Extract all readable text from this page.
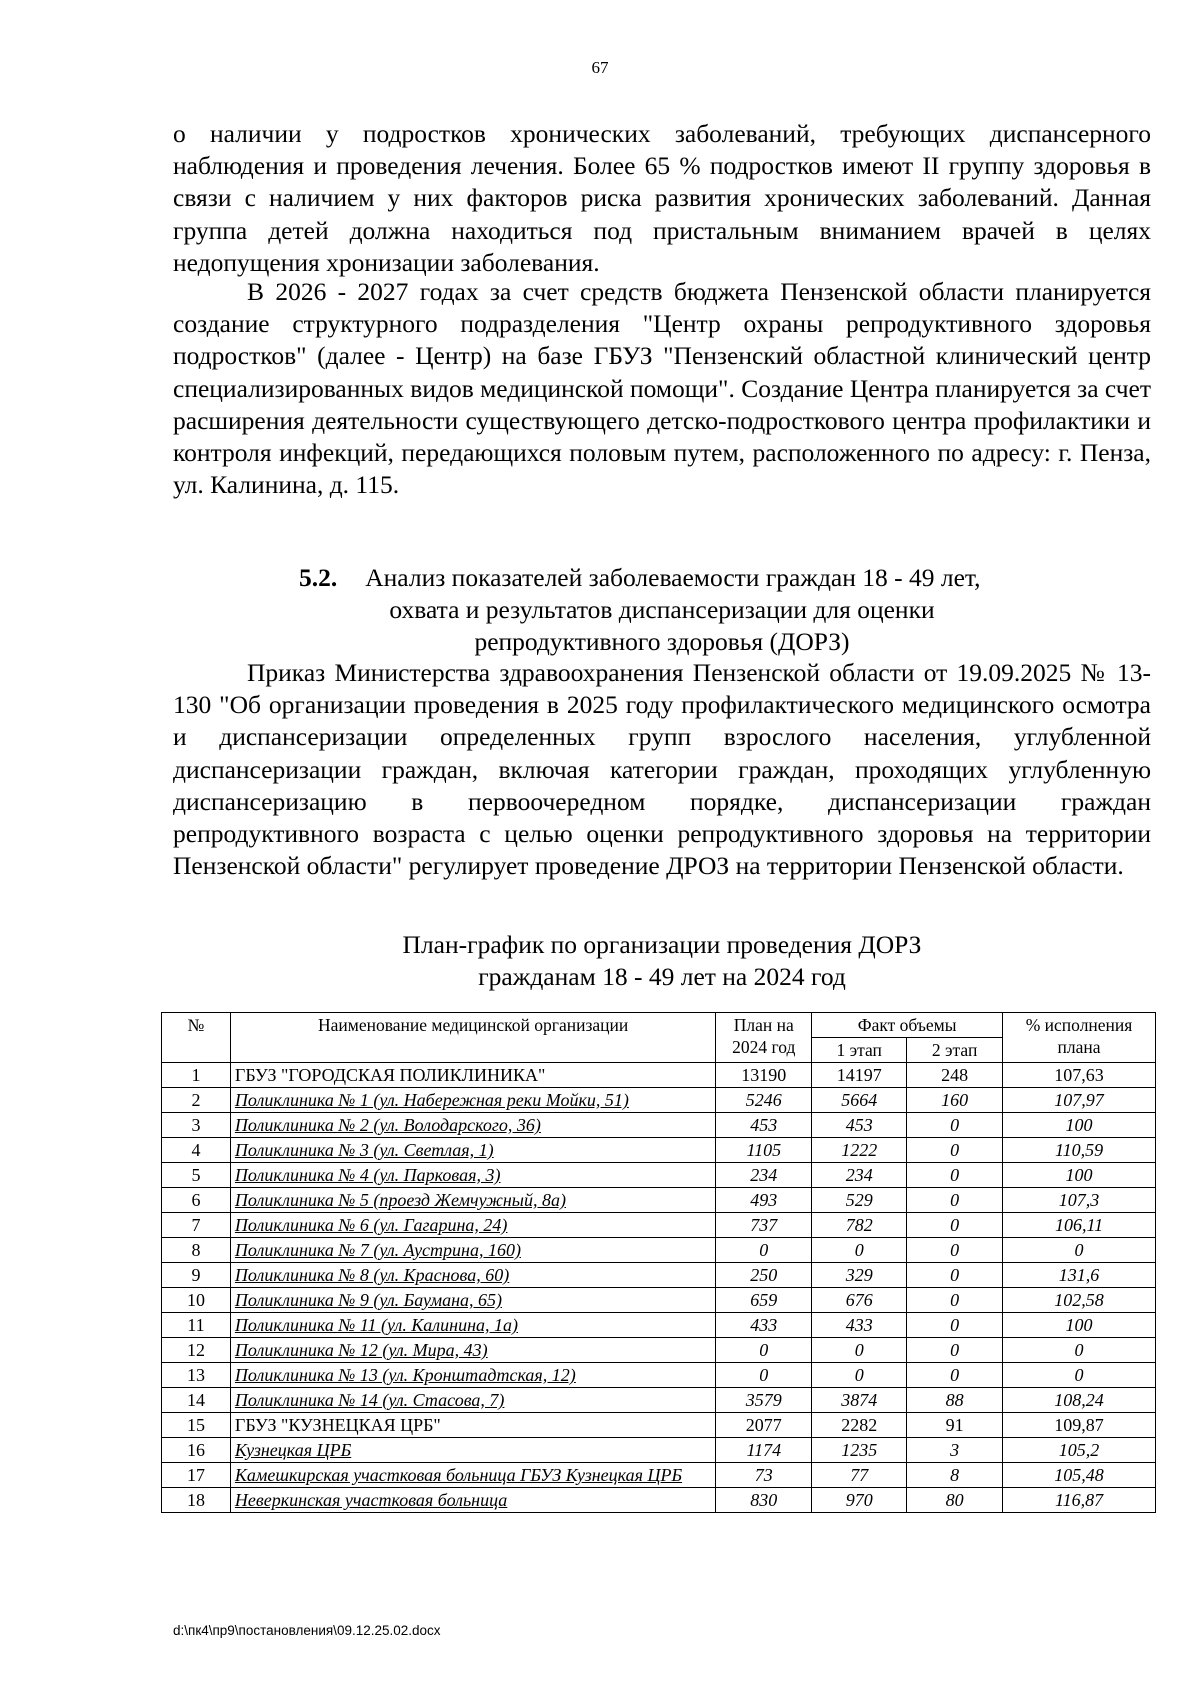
67

о наличии у подростков хронических заболеваний, требующих диспансерного наблюдения и проведения лечения. Более 65 % подростков имеют II группу здоровья в связи с наличием у них факторов риска развития хронических заболеваний. Данная группа детей должна находиться под пристальным вниманием врачей в целях недопущения хронизации заболевания.

В 2026 - 2027 годах за счет средств бюджета Пензенской области планируется создание структурного подразделения "Центр охраны репродуктивного здоровья подростков" (далее - Центр) на базе ГБУЗ "Пензенский областной клинический центр специализированных видов медицинской помощи". Создание Центра планируется за счет расширения деятельности существующего детско-подросткового центра профилактики и контроля инфекций, передающихся половым путем, расположенного по адресу: г. Пенза, ул. Калинина, д. 115.

5.2. Анализ показателей заболеваемости граждан 18 - 49 лет,
охвата и результатов диспансеризации для оценки
репродуктивного здоровья (ДОРЗ)

Приказ Министерства здравоохранения Пензенской области от 19.09.2025 № 13-130 "Об организации проведения в 2025 году профилактического медицинского осмотра и диспансеризации определенных групп взрослого населения, углубленной диспансеризации граждан, включая категории граждан, проходящих углубленную диспансеризацию в первоочередном порядке, диспансеризации граждан репродуктивного возраста с целью оценки репродуктивного здоровья на территории Пензенской области" регулирует проведение ДРОЗ на территории Пензенской области.

План-график по организации проведения ДОРЗ
гражданам 18 - 49 лет на 2024 год
№	Наименование медицинской организации	План на 2024 год	Факт объемы		% исполнения плана
			1 этап	2 этап	
1	ГБУЗ "ГОРОДСКАЯ ПОЛИКЛИНИКА"	13190	14197	248	107,63
2	Поликлиника № 1 (ул. Набережная реки Мойки, 51)	5246	5664	160	107,97
3	Поликлиника № 2 (ул. Володарского, 36)	453	453	0	100
4	Поликлиника № 3 (ул. Светлая, 1)	1105	1222	0	110,59
5	Поликлиника № 4 (ул. Парковая, 3)	234	234	0	100
6	Поликлиника № 5 (проезд Жемчужный, 8а)	493	529	0	107,3
7	Поликлиника № 6 (ул. Гагарина, 24)	737	782	0	106,11
8	Поликлиника № 7 (ул. Аустрина, 160)	0	0	0	0
9	Поликлиника № 8 (ул. Краснова, 60)	250	329	0	131,6
10	Поликлиника № 9 (ул. Баумана, 65)	659	676	0	102,58
11	Поликлиника № 11 (ул. Калинина, 1а)	433	433	0	100
12	Поликлиника № 12 (ул. Мира, 43)	0	0	0	0
13	Поликлиника № 13 (ул. Кронштадтская, 12)	0	0	0	0
14	Поликлиника № 14 (ул. Стасова, 7)	3579	3874	88	108,24
15	ГБУЗ "КУЗНЕЦКАЯ ЦРБ"	2077	2282	91	109,87
16	Кузнецкая ЦРБ	1174	1235	3	105,2
17	Камешкирская участковая больница ГБУЗ Кузнецкая ЦРБ	73	77	8	105,48
18	Неверкинская участковая больница	830	970	80	116,87
d:\пк4\пр9\постановления\09.12.25.02.docx
